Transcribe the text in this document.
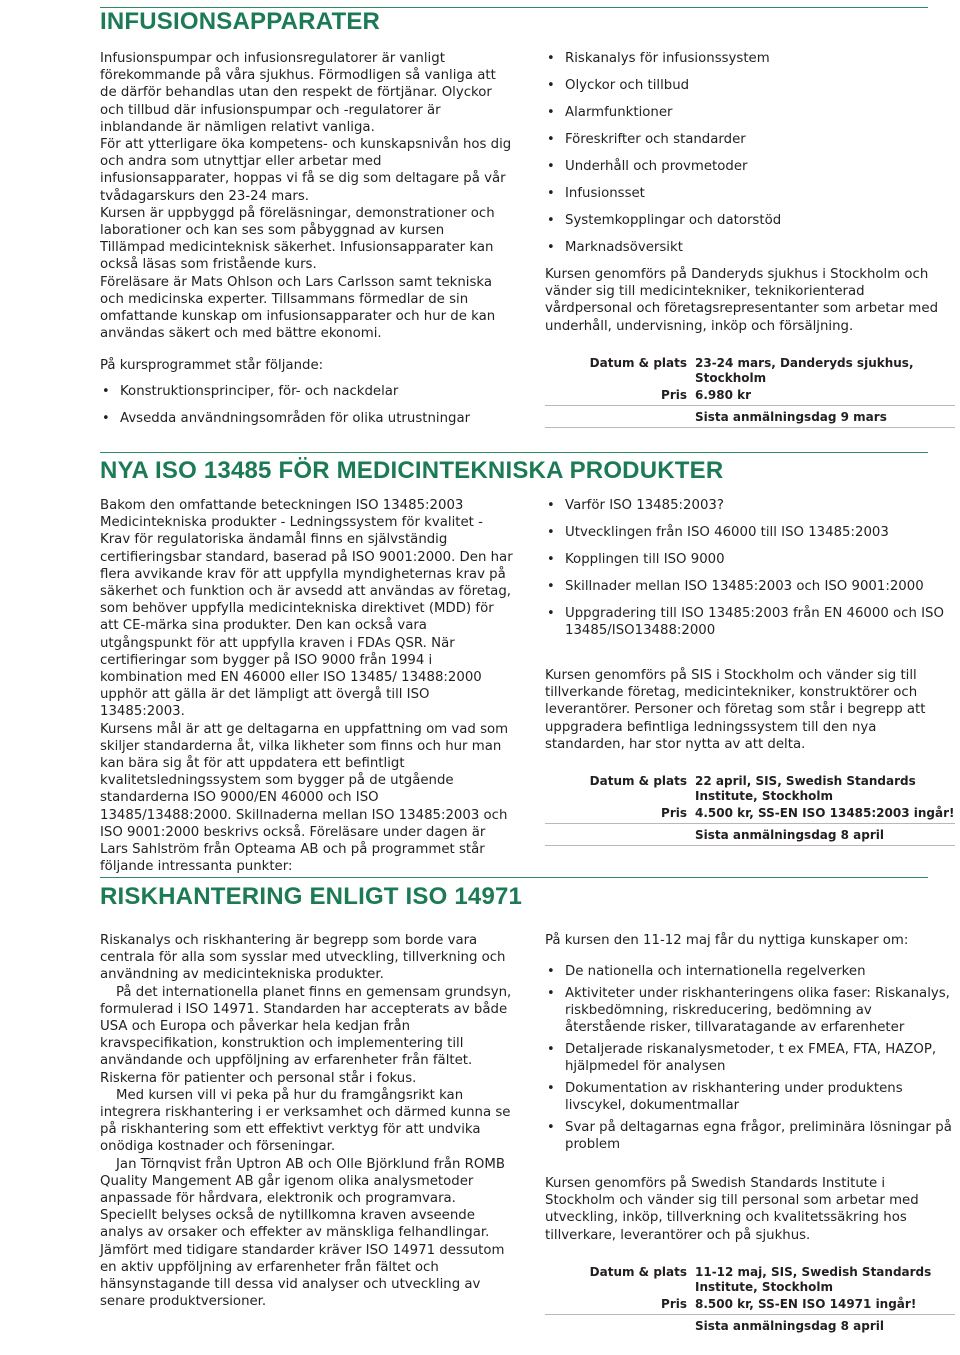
INFUSIONSAPPARATER

Infusionspumpar och infusionsregulatorer är vanligt förekommande på våra sjukhus. Förmodligen så vanliga att de därför behandlas utan den respekt de förtjänar. Olyckor och tillbud där infusionspumpar och -regulatorer är inblandande är nämligen relativt vanliga.

För att ytterligare öka kompetens- och kunskapsnivån hos dig och andra som utnyttjar eller arbetar med infusionsapparater, hoppas vi få se dig som deltagare på vår tvådagarskurs den 23-24 mars.

Kursen är uppbyggd på föreläsningar, demonstrationer och laborationer och kan ses som påbyggnad av kursen Tillämpad medicinteknisk säkerhet. Infusionsapparater kan också läsas som fristående kurs.

Föreläsare är Mats Ohlson och Lars Carlsson samt tekniska och medicinska experter. Tillsammans förmedlar de sin omfattande kunskap om infusionsapparater och hur de kan användas säkert och med bättre ekonomi.

På kursprogrammet står följande:

• Konstruktionsprinciper, för- och nackdelar
• Avsedda användningsområden för olika utrustningar
• Riskanalys för infusionssystem
• Olyckor och tillbud
• Alarmfunktioner
• Föreskrifter och standarder
• Underhåll och provmetoder
• Infusionsset
• Systemkopplingar och datorstöd
• Marknadsöversikt

Kursen genomförs på Danderyds sjukhus i Stockholm och vänder sig till medicintekniker, teknikorienterad vårdpersonal och företagsrepresentanter som arbetar med underhåll, undervisning, inköp och försäljning.

Datum & plats 23-24 mars, Danderyds sjukhus, Stockholm
Pris 6.980 kr
Sista anmälningsdag 9 mars
NYA ISO 13485 FÖR MEDICINTEKNISKA PRODUKTER

Bakom den omfattande beteckningen ISO 13485:2003 Medicintekniska produkter - Ledningssystem för kvalitet - Krav för regulatoriska ändamål finns en självständig certifieringsbar standard, baserad på ISO 9001:2000. Den har flera avvikande krav för att uppfylla myndigheternas krav på säkerhet och funktion och är avsedd att användas av företag, som behöver uppfylla medicintekniska direktivet (MDD) för att CE-märka sina produkter. Den kan också vara utgångspunkt för att uppfylla kraven i FDAs QSR. När certifieringar som bygger på ISO 9000 från 1994 i kombination med EN 46000 eller ISO 13485/ 13488:2000 upphör att gälla är det lämpligt att övergå till ISO 13485:2003.

Kursens mål är att ge deltagarna en uppfattning om vad som skiljer standarderna åt, vilka likheter som finns och hur man kan bära sig åt för att uppdatera ett befintligt kvalitetsledningssystem som bygger på de utgående standarderna ISO 9000/EN 46000 och ISO 13485/13488:2000. Skillnaderna mellan ISO 13485:2003 och ISO 9001:2000 beskrivs också. Föreläsare under dagen är Lars Sahlström från Opteama AB och på programmet står följande intressanta punkter:

• Varför ISO 13485:2003?
• Utvecklingen från ISO 46000 till ISO 13485:2003
• Kopplingen till ISO 9000
• Skillnader mellan ISO 13485:2003 och ISO 9001:2000
• Uppgradering till ISO 13485:2003 från EN 46000 och ISO 13485/ISO13488:2000

Kursen genomförs på SIS i Stockholm och vänder sig till tillverkande företag, medicintekniker, konstruktörer och leverantörer. Personer och företag som står i begrepp att uppgradera befintliga ledningssystem till den nya standarden, har stor nytta av att delta.

Datum & plats 22 april, SIS, Swedish Standards Institute, Stockholm
Pris 4.500 kr, SS-EN ISO 13485:2003 ingår!
Sista anmälningsdag 8 april
RISKHANTERING ENLIGT ISO 14971

Riskanalys och riskhantering är begrepp som borde vara centrala för alla som sysslar med utveckling, tillverkning och användning av medicintekniska produkter.

På det internationella planet finns en gemensam grundsyn, formulerad i ISO 14971. Standarden har accepterats av både USA och Europa och påverkar hela kedjan från kravspecifikation, konstruktion och implementering till användande och uppföljning av erfarenheter från fältet. Riskerna för patienter och personal står i fokus.

Med kursen vill vi peka på hur du framgångsrikt kan integrera riskhantering i er verksamhet och därmed kunna se på riskhantering som ett effektivt verktyg för att undvika onödiga kostnader och förseningar.

Jan Törnqvist från Uptron AB och Olle Björklund från ROMB Quality Mangement AB går igenom olika analysmetoder anpassade för hårdvara, elektronik och programvara. Speciellt belyses också de nytillkomna kraven avseende analys av orsaker och effekter av mänskliga felhandlingar. Jämfört med tidigare standarder kräver ISO 14971 dessutom en aktiv uppföljning av erfarenheter från fältet och hänsynstagande till dessa vid analyser och utveckling av senare produktversioner.

På kursen den 11-12 maj får du nyttiga kunskaper om:

• De nationella och internationella regelverken
• Aktiviteter under riskhanteringens olika faser: Riskanalys, riskbedömning, riskreducering, bedömning av återstående risker, tillvaratagande av erfarenheter
• Detaljerade riskanalysmetoder, t ex FMEA, FTA, HAZOP, hjälpmedel för analysen
• Dokumentation av riskhantering under produktens livscykel, dokumentmallar
• Svar på deltagarnas egna frågor, preliminära lösningar på problem

Kursen genomförs på Swedish Standards Institute i Stockholm och vänder sig till personal som arbetar med utveckling, inköp, tillverkning och kvalitetssäkring hos tillverkare, leverantörer och på sjukhus.

Datum & plats 11-12 maj, SIS, Swedish Standards Institute, Stockholm
Pris 8.500 kr, SS-EN ISO 14971 ingår!
Sista anmälningsdag 8 april
